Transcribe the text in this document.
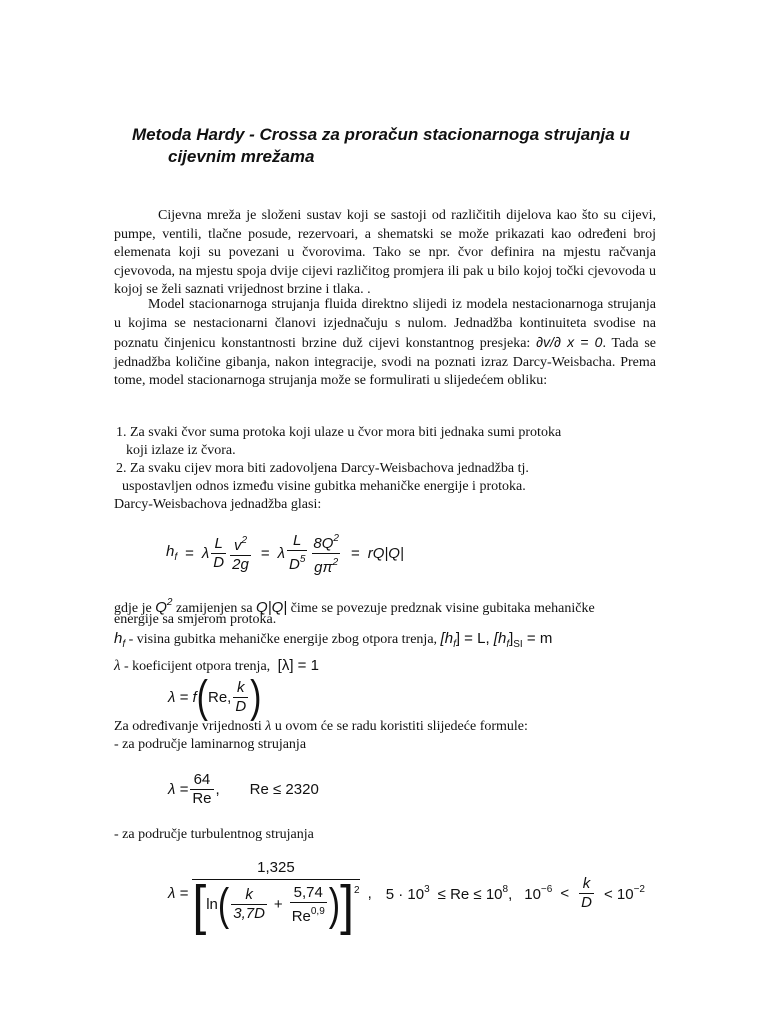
Metoda Hardy - Crossa za proračun stacionarnoga strujanja u
cijevnim mrežama
Cijevna mreža je složeni sustav koji se sastoji od različitih dijelova kao što su cijevi, pumpe, ventili, tlačne posude, rezervoari, a shematski se može prikazati kao određeni broj elemenata koji su povezani u čvorovima. Tako se npr. čvor definira na mjestu račvanja cjevovoda, na mjestu spoja dvije cijevi različitog promjera ili pak u bilo kojoj točki cjevovoda u kojoj se želi saznati vrijednost brzine i tlaka. .
Model stacionarnoga strujanja fluida direktno slijedi iz modela nestacionarnoga strujanja u kojima se nestacionarni članovi izjednačuju s nulom. Jednadžba kontinuiteta svodise na poznatu činjenicu konstantnosti brzine duž cijevi konstantnog presjeka: ∂v/∂ x = 0. Tada se jednadžba količine gibanja, nakon integracije, svodi na poznati izraz Darcy-Weisbacha. Prema tome, model stacionarnoga strujanja može se formulirati u slijedećem obliku:
1. Za svaki čvor suma protoka koji ulaze u čvor mora biti jednaka sumi protoka
koji izlaze iz čvora.
2. Za svaku cijev mora biti zadovoljena Darcy-Weisbachova jednadžba tj.
uspostavljen odnos između visine gubitka mehaničke energije i protoka.
Darcy-Weisbachova jednadžba glasi:
$h_f = \lambda \frac{L}{D} \frac{v^2}{2g} = \lambda \frac{L}{D^5} \frac{8Q^2}{g\pi^2} = rQ|Q|$
gdje je $Q^2$ zamijenjen sa Q|Q| čime se povezuje predznak visine gubitaka mehaničke
energije sa smjerom protoka.
$h_f$ - visina gubitka mehaničke energije zbog otpora trenja, $[h_f] = L$, $[h_f]_{SI} = m$
λ - koeficijent otpora trenja, [λ] = 1
λ = f ( Re, $\frac{k}{D}$ )
Za određivanje vrijednosti λ u ovom će se radu koristiti slijedeće formule:
- za područje laminarnog strujanja
$\lambda = \frac{64}{Re}$ , Re ≤ 2320
- za područje turbulentnog strujanja
λ =
1,325
[ ln ( $\frac{k}{3,7D} + \frac{5,74}{Re^{0,9}}$ ) ] 2 , $5 \cdot 10^3 \le Re \le 10^8$, $10^{-6} < \frac{k}{D} < 10^{-2}$
